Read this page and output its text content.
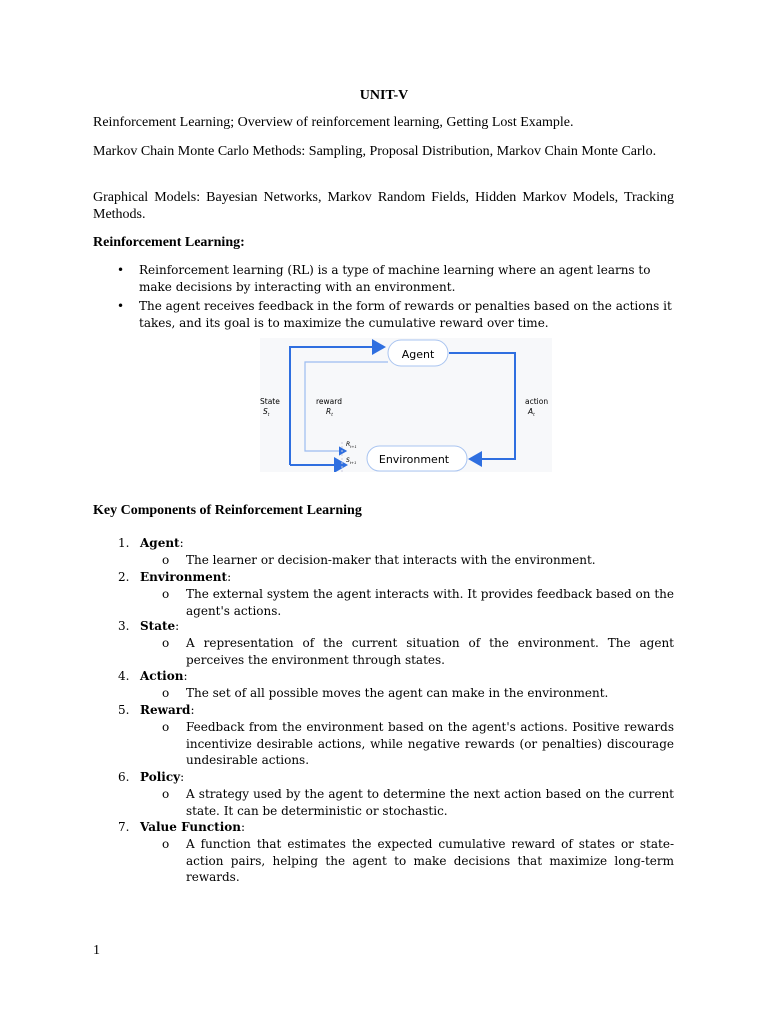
UNIT-V
Reinforcement Learning; Overview of reinforcement learning, Getting Lost Example.
Markov Chain Monte Carlo Methods: Sampling, Proposal Distribution, Markov Chain Monte Carlo.
Graphical Models: Bayesian Networks, Markov Random Fields, Hidden Markov Models, Tracking Methods.
Reinforcement Learning:
• Reinforcement learning (RL) is a type of machine learning where an agent learns to make decisions by interacting with an environment.
• The agent receives feedback in the form of rewards or penalties based on the actions it takes, and its goal is to maximize the cumulative reward over time.
Agent
Environment
State
$S_t$
reward
$R_t$
action
$A_t$
$R_{t+1}$
$S_{t+1}$
Key Components of Reinforcement Learning
1. Agent:
o The learner or decision-maker that interacts with the environment.
2. Environment:
o The external system the agent interacts with. It provides feedback based on the agent's actions.
3. State:
o A representation of the current situation of the environment. The agent perceives the environment through states.
4. Action:
o The set of all possible moves the agent can make in the environment.
5. Reward:
o Feedback from the environment based on the agent's actions. Positive rewards incentivize desirable actions, while negative rewards (or penalties) discourage undesirable actions.
6. Policy:
o A strategy used by the agent to determine the next action based on the current state. It can be deterministic or stochastic.
7. Value Function:
o A function that estimates the expected cumulative reward of states or state-action pairs, helping the agent to make decisions that maximize long-term rewards.
1
